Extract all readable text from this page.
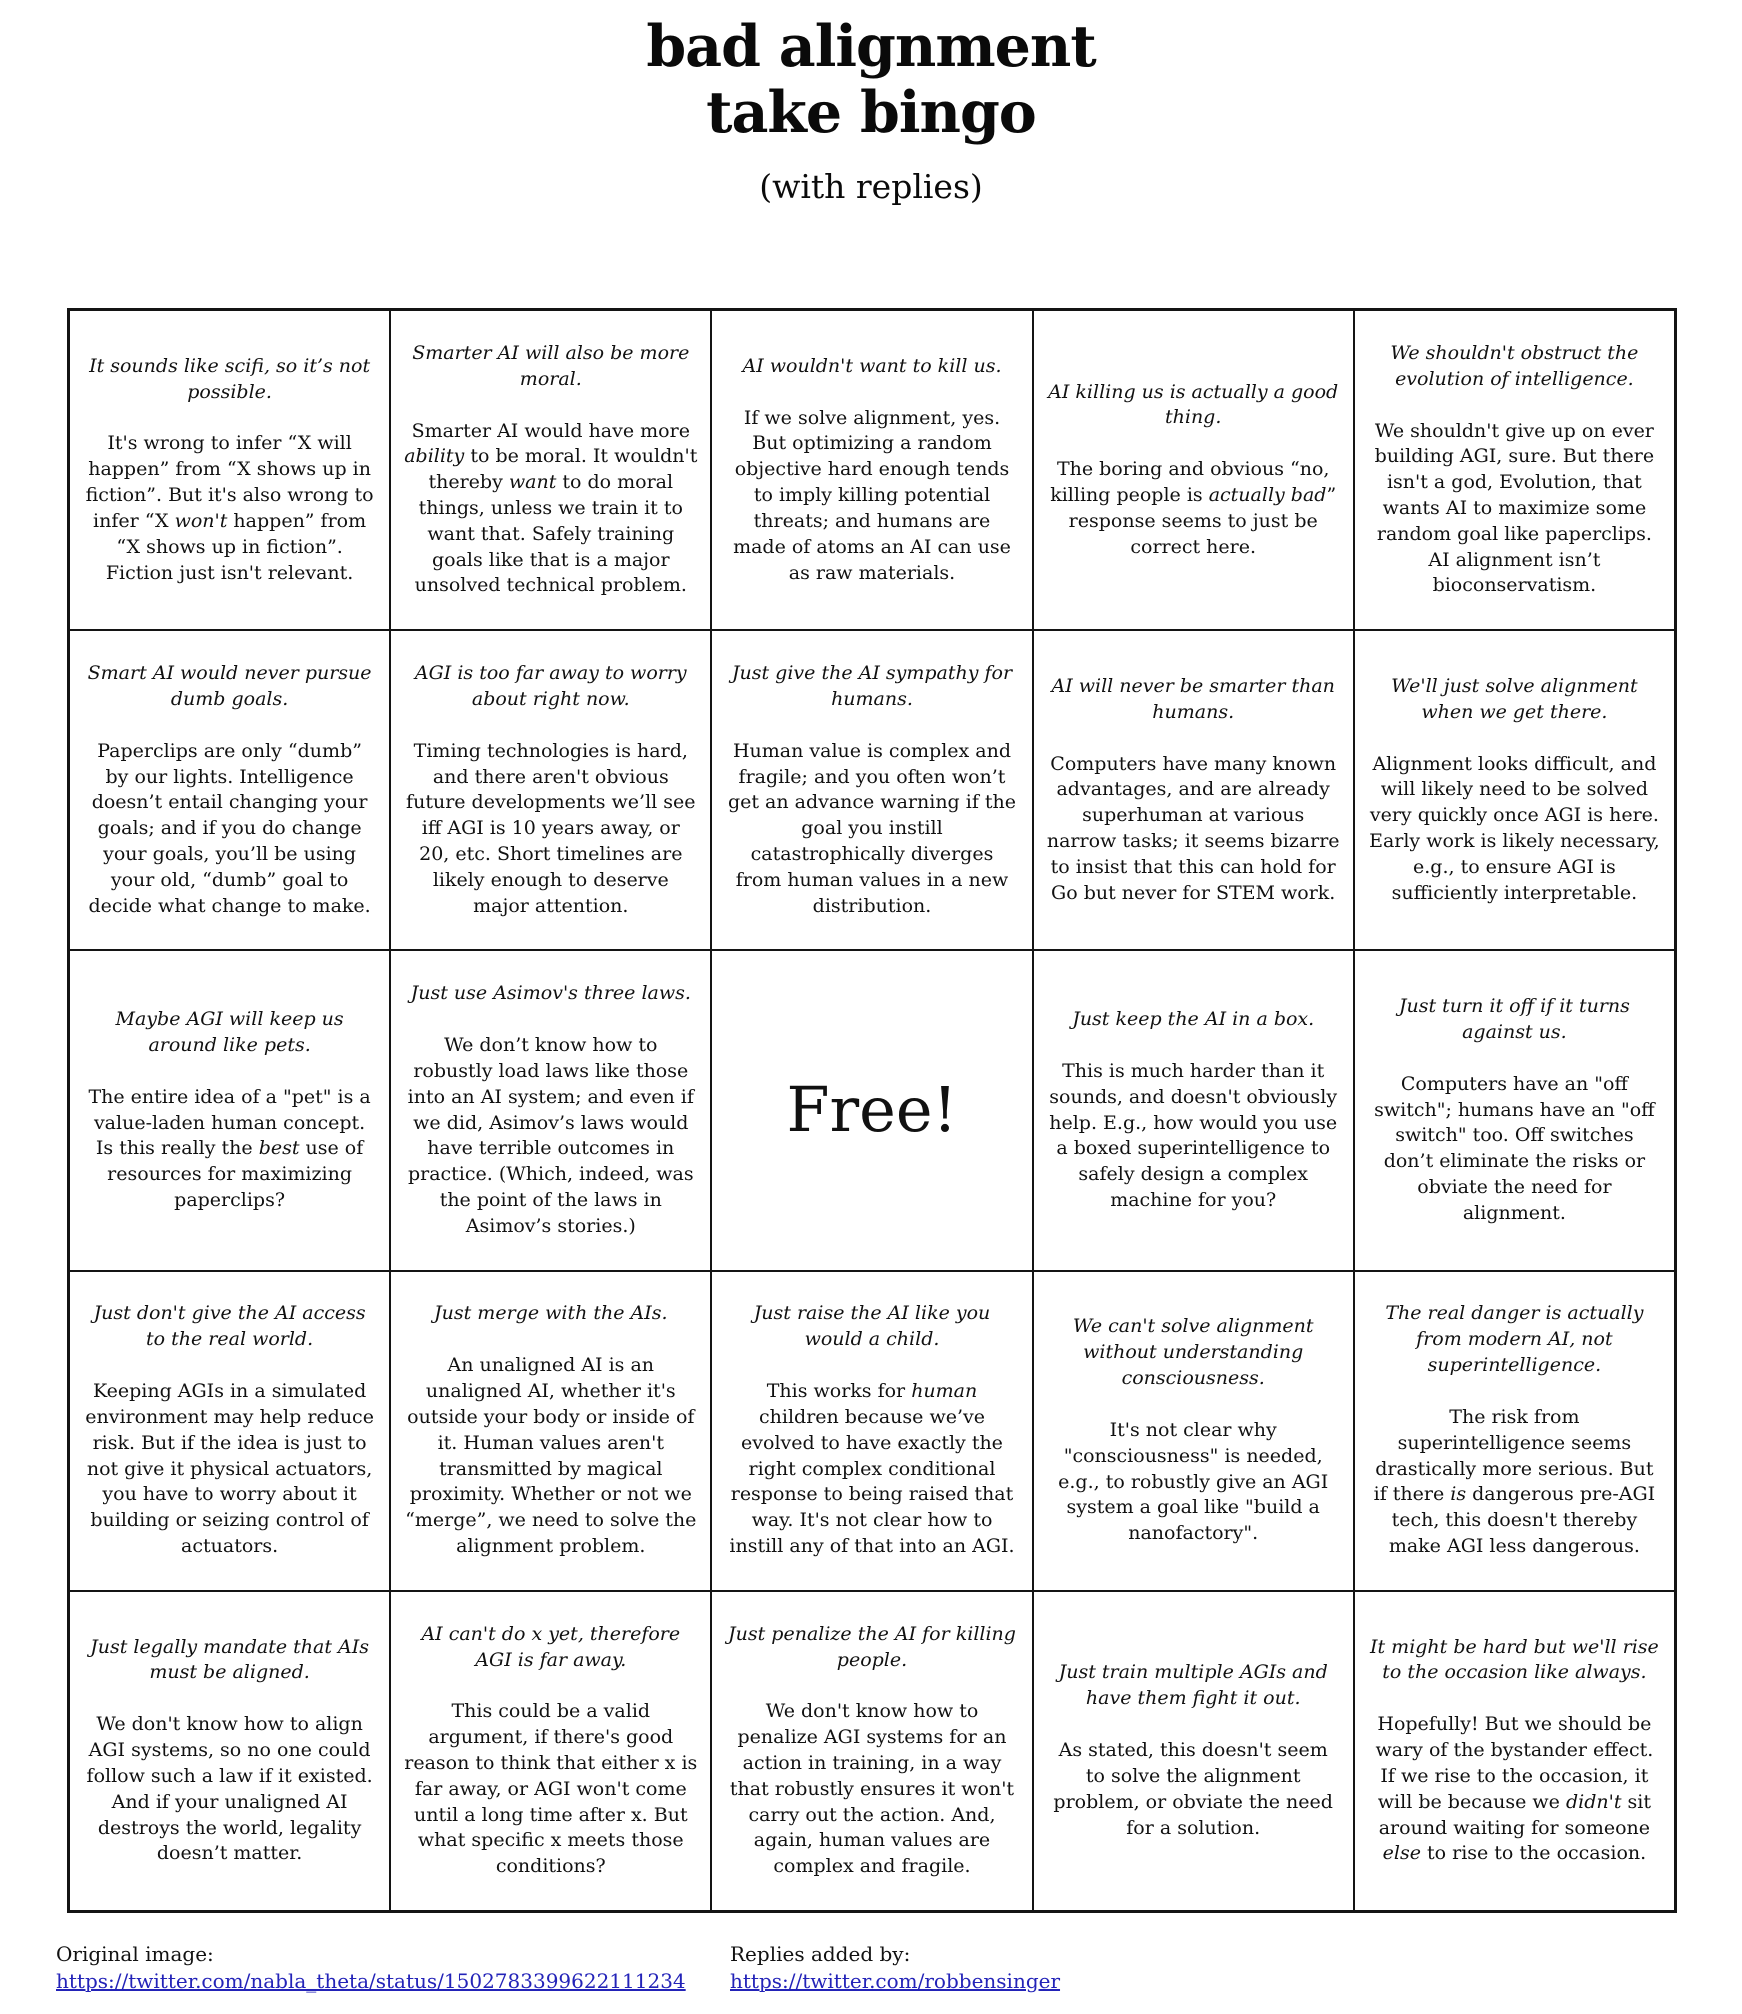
bad alignment
take bingo
(with replies)
It sounds like scifi, so it’s not possible.
It's wrong to infer “X will happen” from “X shows up in fiction”. But it's also wrong to infer “X won't happen” from “X shows up in fiction”. Fiction just isn't relevant.
Smarter AI will also be more moral.
Smarter AI would have more ability to be moral. It wouldn't thereby want to do moral things, unless we train it to want that. Safely training goals like that is a major unsolved technical problem.
AI wouldn't want to kill us.
If we solve alignment, yes. But optimizing a random objective hard enough tends to imply killing potential threats; and humans are made of atoms an AI can use as raw materials.
AI killing us is actually a good thing.
The boring and obvious “no, killing people is actually bad” response seems to just be correct here.
We shouldn't obstruct the evolution of intelligence.
We shouldn't give up on ever building AGI, sure. But there isn't a god, Evolution, that wants AI to maximize some random goal like paperclips. AI alignment isn’t bioconservatism.
Smart AI would never pursue dumb goals.
Paperclips are only “dumb” by our lights. Intelligence doesn’t entail changing your goals; and if you do change your goals, you’ll be using your old, “dumb” goal to decide what change to make.
AGI is too far away to worry about right now.
Timing technologies is hard, and there aren't obvious future developments we’ll see iff AGI is 10 years away, or 20, etc. Short timelines are likely enough to deserve major attention.
Just give the AI sympathy for humans.
Human value is complex and fragile; and you often won’t get an advance warning if the goal you instill catastrophically diverges from human values in a new distribution.
AI will never be smarter than humans.
Computers have many known advantages, and are already superhuman at various narrow tasks; it seems bizarre to insist that this can hold for Go but never for STEM work.
We'll just solve alignment when we get there.
Alignment looks difficult, and will likely need to be solved very quickly once AGI is here. Early work is likely necessary, e.g., to ensure AGI is sufficiently interpretable.
Maybe AGI will keep us around like pets.
The entire idea of a "pet" is a value-laden human concept. Is this really the best use of resources for maximizing paperclips?
Just use Asimov's three laws.
We don’t know how to robustly load laws like those into an AI system; and even if we did, Asimov’s laws would have terrible outcomes in practice. (Which, indeed, was the point of the laws in Asimov’s stories.)
Free!
Just keep the AI in a box.
This is much harder than it sounds, and doesn't obviously help. E.g., how would you use a boxed superintelligence to safely design a complex machine for you?
Just turn it off if it turns against us.
Computers have an "off switch"; humans have an "off switch" too. Off switches don’t eliminate the risks or obviate the need for alignment.
Just don't give the AI access to the real world.
Keeping AGIs in a simulated environment may help reduce risk. But if the idea is just to not give it physical actuators, you have to worry about it building or seizing control of actuators.
Just merge with the AIs.
An unaligned AI is an unaligned AI, whether it's outside your body or inside of it. Human values aren't transmitted by magical proximity. Whether or not we “merge”, we need to solve the alignment problem.
Just raise the AI like you would a child.
This works for human children because we’ve evolved to have exactly the right complex conditional response to being raised that way. It's not clear how to instill any of that into an AGI.
We can't solve alignment without understanding consciousness.
It's not clear why "consciousness" is needed, e.g., to robustly give an AGI system a goal like "build a nanofactory".
The real danger is actually from modern AI, not superintelligence.
The risk from superintelligence seems drastically more serious. But if there is dangerous pre-AGI tech, this doesn't thereby make AGI less dangerous.
Just legally mandate that AIs must be aligned.
We don't know how to align AGI systems, so no one could follow such a law if it existed. And if your unaligned AI destroys the world, legality doesn’t matter.
AI can't do x yet, therefore AGI is far away.
This could be a valid argument, if there's good reason to think that either x is far away, or AGI won't come until a long time after x. But what specific x meets those conditions?
Just penalize the AI for killing people.
We don't know how to penalize AGI systems for an action in training, in a way that robustly ensures it won't carry out the action. And, again, human values are complex and fragile.
Just train multiple AGIs and have them fight it out.
As stated, this doesn't seem to solve the alignment problem, or obviate the need for a solution.
It might be hard but we'll rise to the occasion like always.
Hopefully! But we should be wary of the bystander effect. If we rise to the occasion, it will be because we didn't sit around waiting for someone else to rise to the occasion.
Original image:
https://twitter.com/nabla_theta/status/1502783399622111234
Replies added by:
https://twitter.com/robbensinger
